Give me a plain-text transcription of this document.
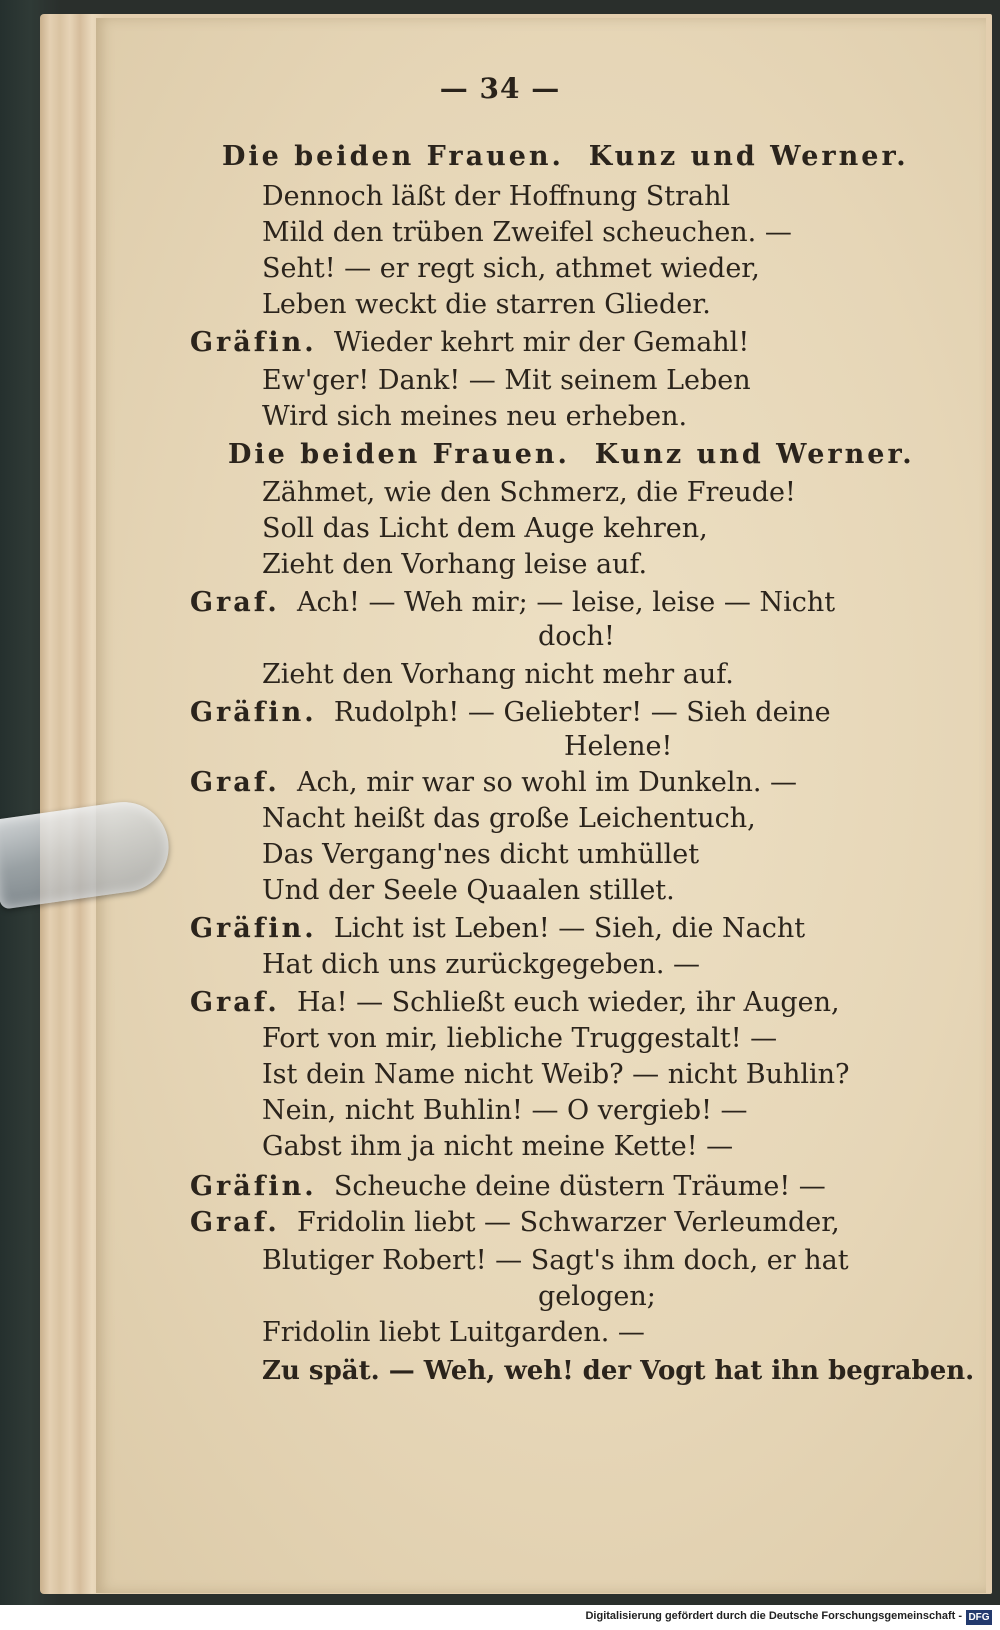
— 34 —
Die beiden Frauen. Kunz und Werner.
Dennoch läßt der Hoffnung Strahl
Mild den trüben Zweifel scheuchen. —
Seht! — er regt sich, athmet wieder,
Leben weckt die starren Glieder.
Gräfin. Wieder kehrt mir der Gemahl!
Ew'ger! Dank! — Mit seinem Leben
Wird sich meines neu erheben.
Die beiden Frauen. Kunz und Werner.
Zähmet, wie den Schmerz, die Freude!
Soll das Licht dem Auge kehren,
Zieht den Vorhang leise auf.
Graf. Ach! — Weh mir; — leise, leise — Nicht
doch!
Zieht den Vorhang nicht mehr auf.
Gräfin. Rudolph! — Geliebter! — Sieh deine
Helene!
Graf. Ach, mir war so wohl im Dunkeln. —
Nacht heißt das große Leichentuch,
Das Vergang'nes dicht umhüllet
Und der Seele Quaalen stillet.
Gräfin. Licht ist Leben! — Sieh, die Nacht
Hat dich uns zurückgegeben. —
Graf. Ha! — Schließt euch wieder, ihr Augen,
Fort von mir, liebliche Truggestalt! —
Ist dein Name nicht Weib? — nicht Buhlin?
Nein, nicht Buhlin! — O vergieb! —
Gabst ihm ja nicht meine Kette! —
Gräfin. Scheuche deine düstern Träume! —
Graf. Fridolin liebt — Schwarzer Verleumder,
Blutiger Robert! — Sagt's ihm doch, er hat
gelogen;
Fridolin liebt Luitgarden. —
Zu spät. — Weh, weh! der Vogt hat ihn begraben.
Digitalisierung gefördert durch die Deutsche Forschungsgemeinschaft - DFG
